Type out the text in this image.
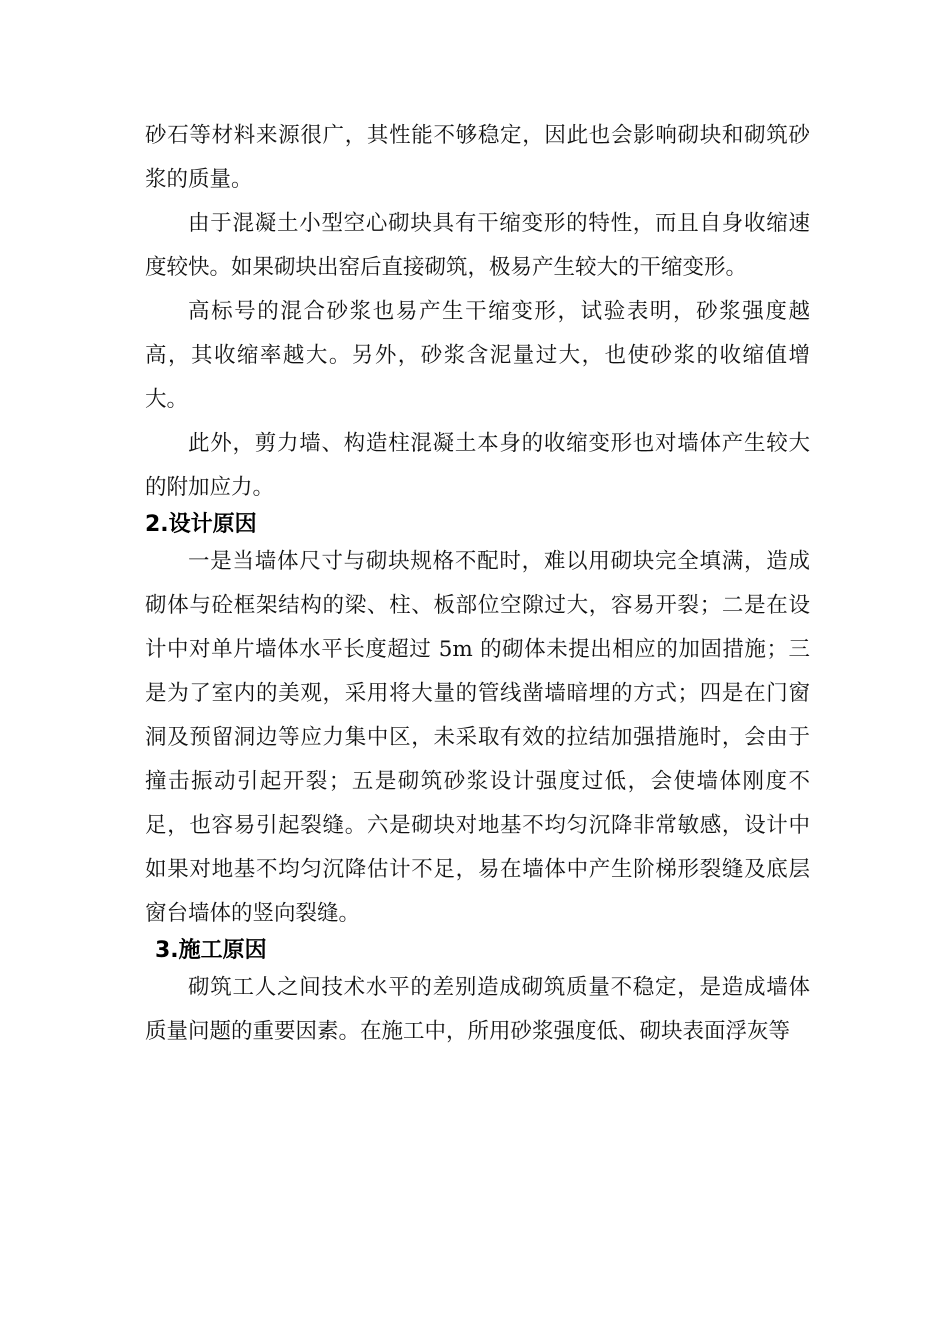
砂石等材料来源很广，其性能不够稳定，因此也会影响砌块和砌筑砂浆的质量。

由于混凝土小型空心砌块具有干缩变形的特性，而且自身收缩速度较快。如果砌块出窑后直接砌筑，极易产生较大的干缩变形。

高标号的混合砂浆也易产生干缩变形，试验表明，砂浆强度越高，其收缩率越大。另外，砂浆含泥量过大，也使砂浆的收缩值增大。

此外，剪力墙、构造柱混凝土本身的收缩变形也对墙体产生较大的附加应力。

2.设计原因

一是当墙体尺寸与砌块规格不配时，难以用砌块完全填满，造成砌体与砼框架结构的梁、柱、板部位空隙过大，容易开裂；二是在设计中对单片墙体水平长度超过 5m 的砌体未提出相应的加固措施；三是为了室内的美观，采用将大量的管线凿墙暗埋的方式；四是在门窗洞及预留洞边等应力集中区，未采取有效的拉结加强措施时，会由于撞击振动引起开裂；五是砌筑砂浆设计强度过低，会使墙体刚度不足，也容易引起裂缝。六是砌块对地基不均匀沉降非常敏感，设计中如果对地基不均匀沉降估计不足，易在墙体中产生阶梯形裂缝及底层窗台墙体的竖向裂缝。

3.施工原因

砌筑工人之间技术水平的差别造成砌筑质量不稳定，是造成墙体质量问题的重要因素。在施工中，所用砂浆强度低、砌块表面浮灰等
